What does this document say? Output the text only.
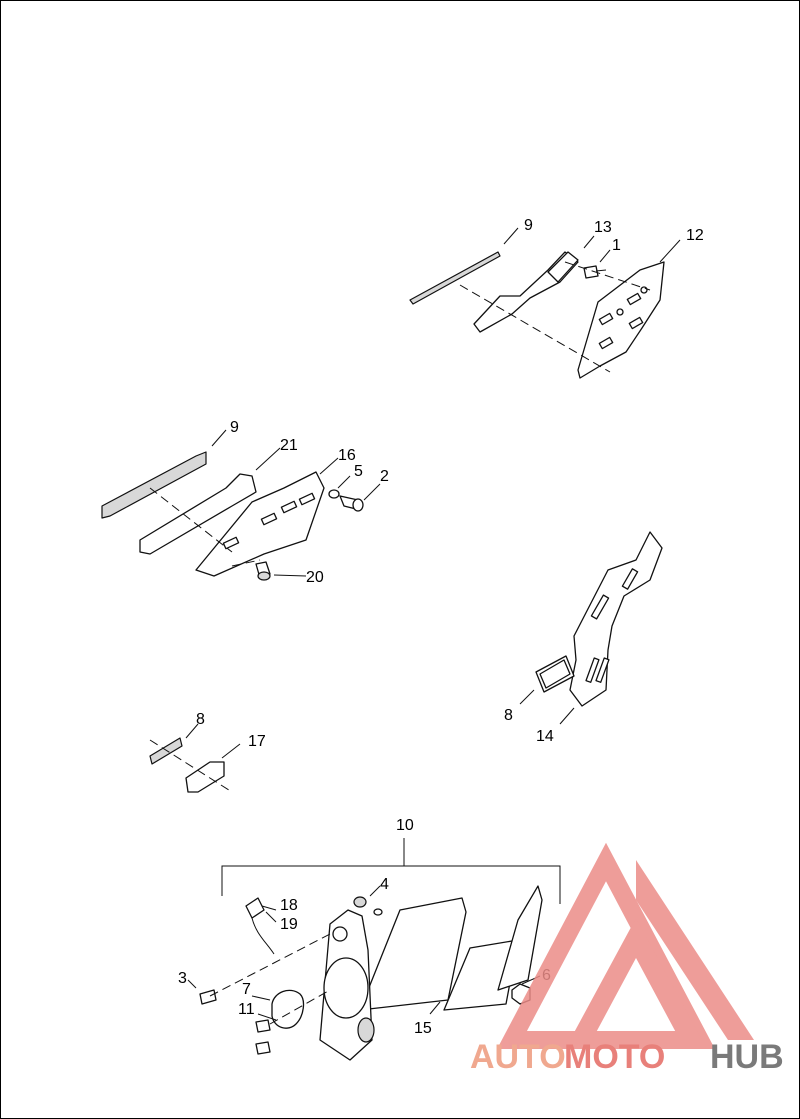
9	13
1
12
9
21
16
5 2
20
8
14
8
17
10
4
18
19
3
7
11
6
15
AUTO
MOTO HUB
